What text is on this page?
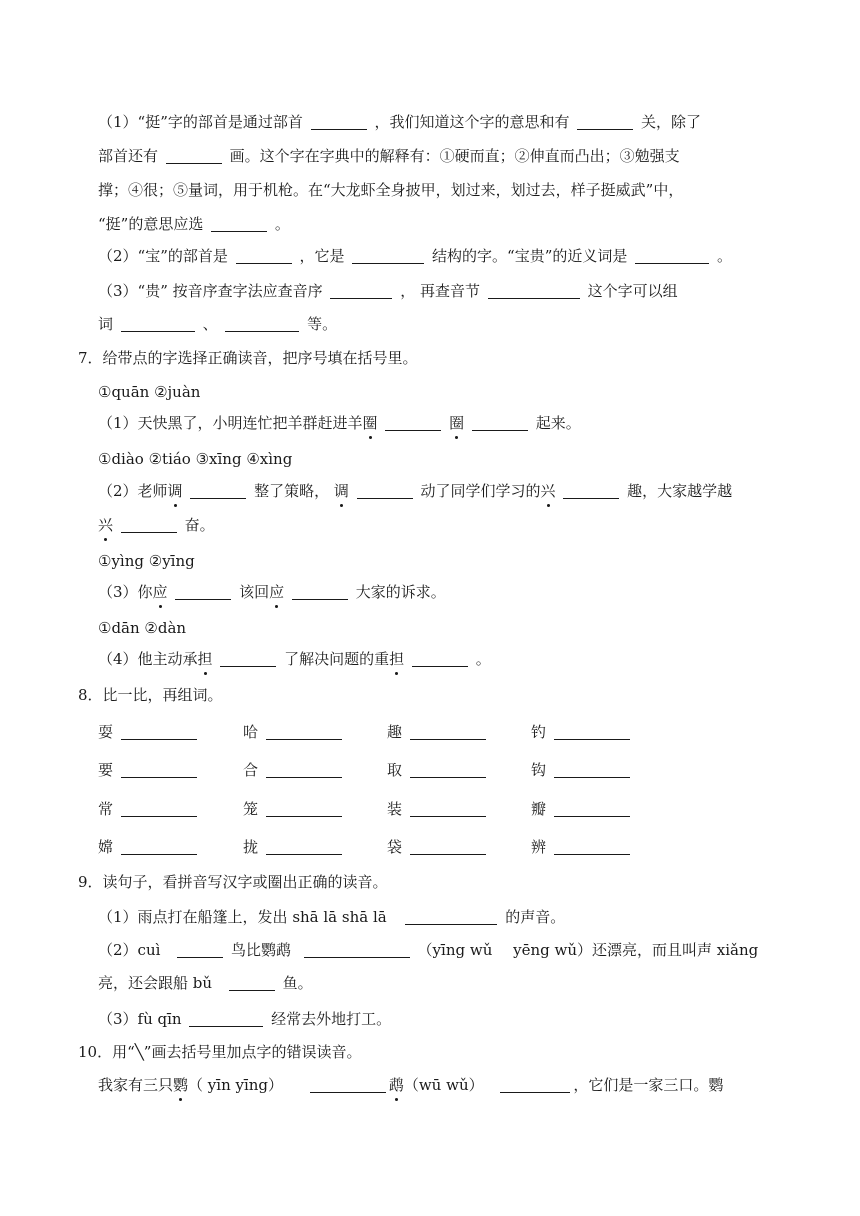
（1）“挺”字的部首是通过部首	，我们知道这个字的意思和有	关，除了
部首还有	画。这个字在字典中的解释有：①硬而直；②伸直而凸出；③勉强支
撑；④很；⑤量词，用于机枪。在“大龙虾全身披甲，划过来，划过去，样子挺威武”中，
“挺”的意思应选	。
（2）“宝”的部首是	，它是	结构的字。“宝贵”的近义词是	。
（3）“贵” 按音序查字法应查音序	， 再查音节	这个字可以组
词	、	等。
7．给带点的字选择正确读音，把序号填在括号里。
①quān ②juàn
（1）天快黑了，小明连忙把羊群赶进羊圈	圈	起来。
①diào ②tiáo ③xīng ④xìng
（2）老师调	整了策略， 调	动了同学们学习的兴	趣，大家越学越
兴	奋。
①yìng ②yīng
（3）你应	该回应	大家的诉求。
①dān ②dàn
（4）他主动承担	了解决问题的重担	。
8．比一比，再组词。
耍	哈	趣	钓
要	合	取	钩
常	笼	装	瓣
嫦	拢	袋	辨
9．读句子，看拼音写汉字或圈出正确的读音。
（1）雨点打在船篷上，发出 shā lā shā lā	的声音。
（2）cuì	鸟比鹦鹉	（yīng wǔ yēng wǔ）还漂亮，而且叫声 xiǎng
亮，还会跟船 bǔ	鱼。
（3）fù qīn	经常去外地打工。
10．用“╲”画去括号里加点字的错误读音。
我家有三只鹦（ yīn yīng）	鹉（wū wǔ）	，它们是一家三口。鹦
